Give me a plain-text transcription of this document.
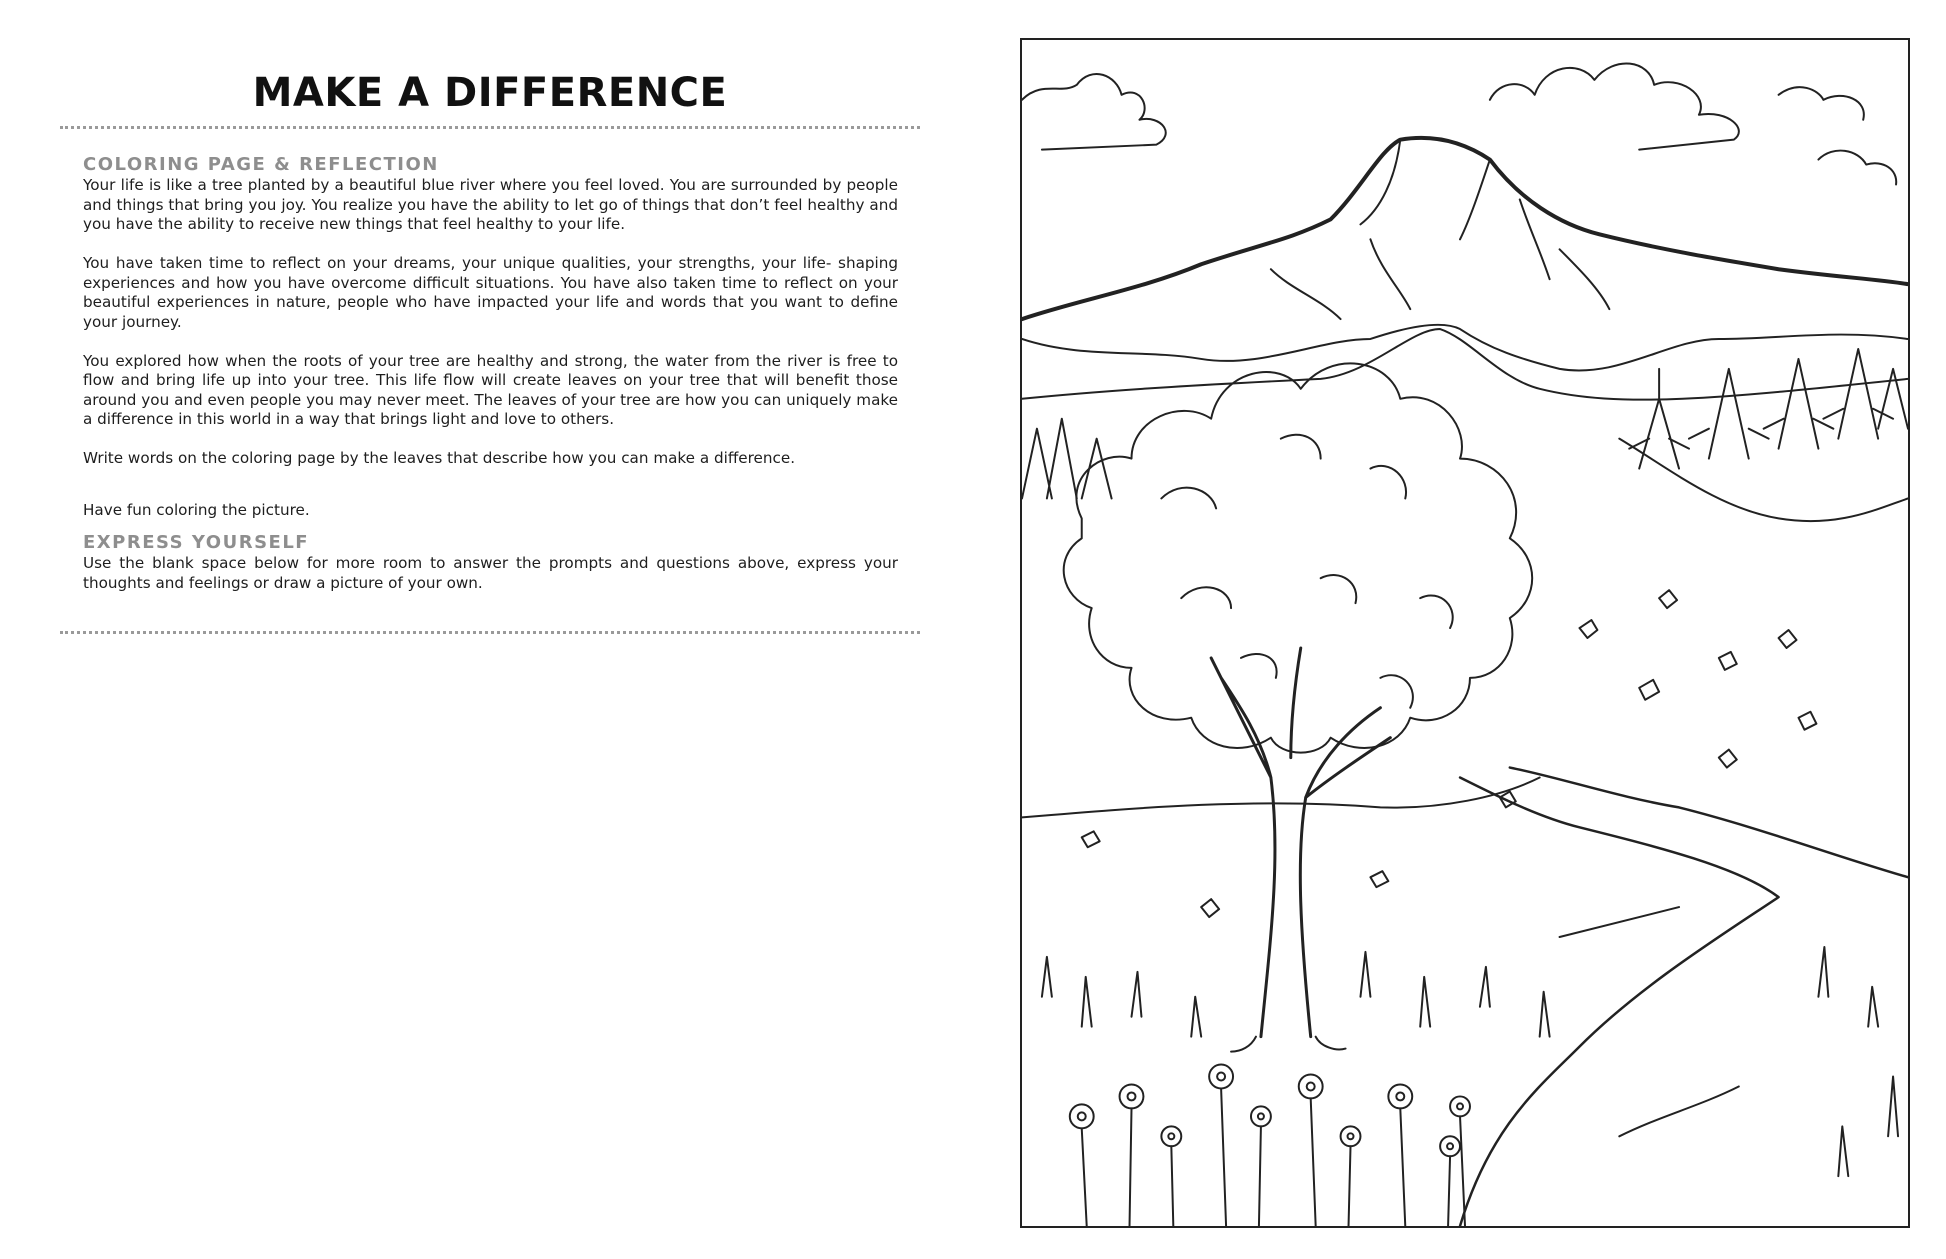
MAKE A DIFFERENCE
COLORING PAGE & REFLECTION

Your life is like a tree planted by a beautiful blue river where you feel loved. You are surrounded by people and things that bring you joy. You realize you have the ability to let go of things that don’t feel healthy and you have the ability to receive new things that feel healthy to your life.

You have taken time to reflect on your dreams, your unique qualities, your strengths, your life- shaping experiences and how you have overcome difficult situations. You have also taken time to reflect on your beautiful experiences in nature, people who have impacted your life and words that you want to define your journey.

You explored how when the roots of your tree are healthy and strong, the water from the river is free to flow and bring life up into your tree. This life flow will create leaves on your tree that will benefit those around you and even people you may never meet. The leaves of your tree are how you can uniquely make a difference in this world in a way that brings light and love to others.

Write words on the coloring page by the leaves that describe how you can make a difference.

Have fun coloring the picture.

EXPRESS YOURSELF

Use the blank space below for more room to answer the prompts and questions above, express your thoughts and feelings or draw a picture of your own.
